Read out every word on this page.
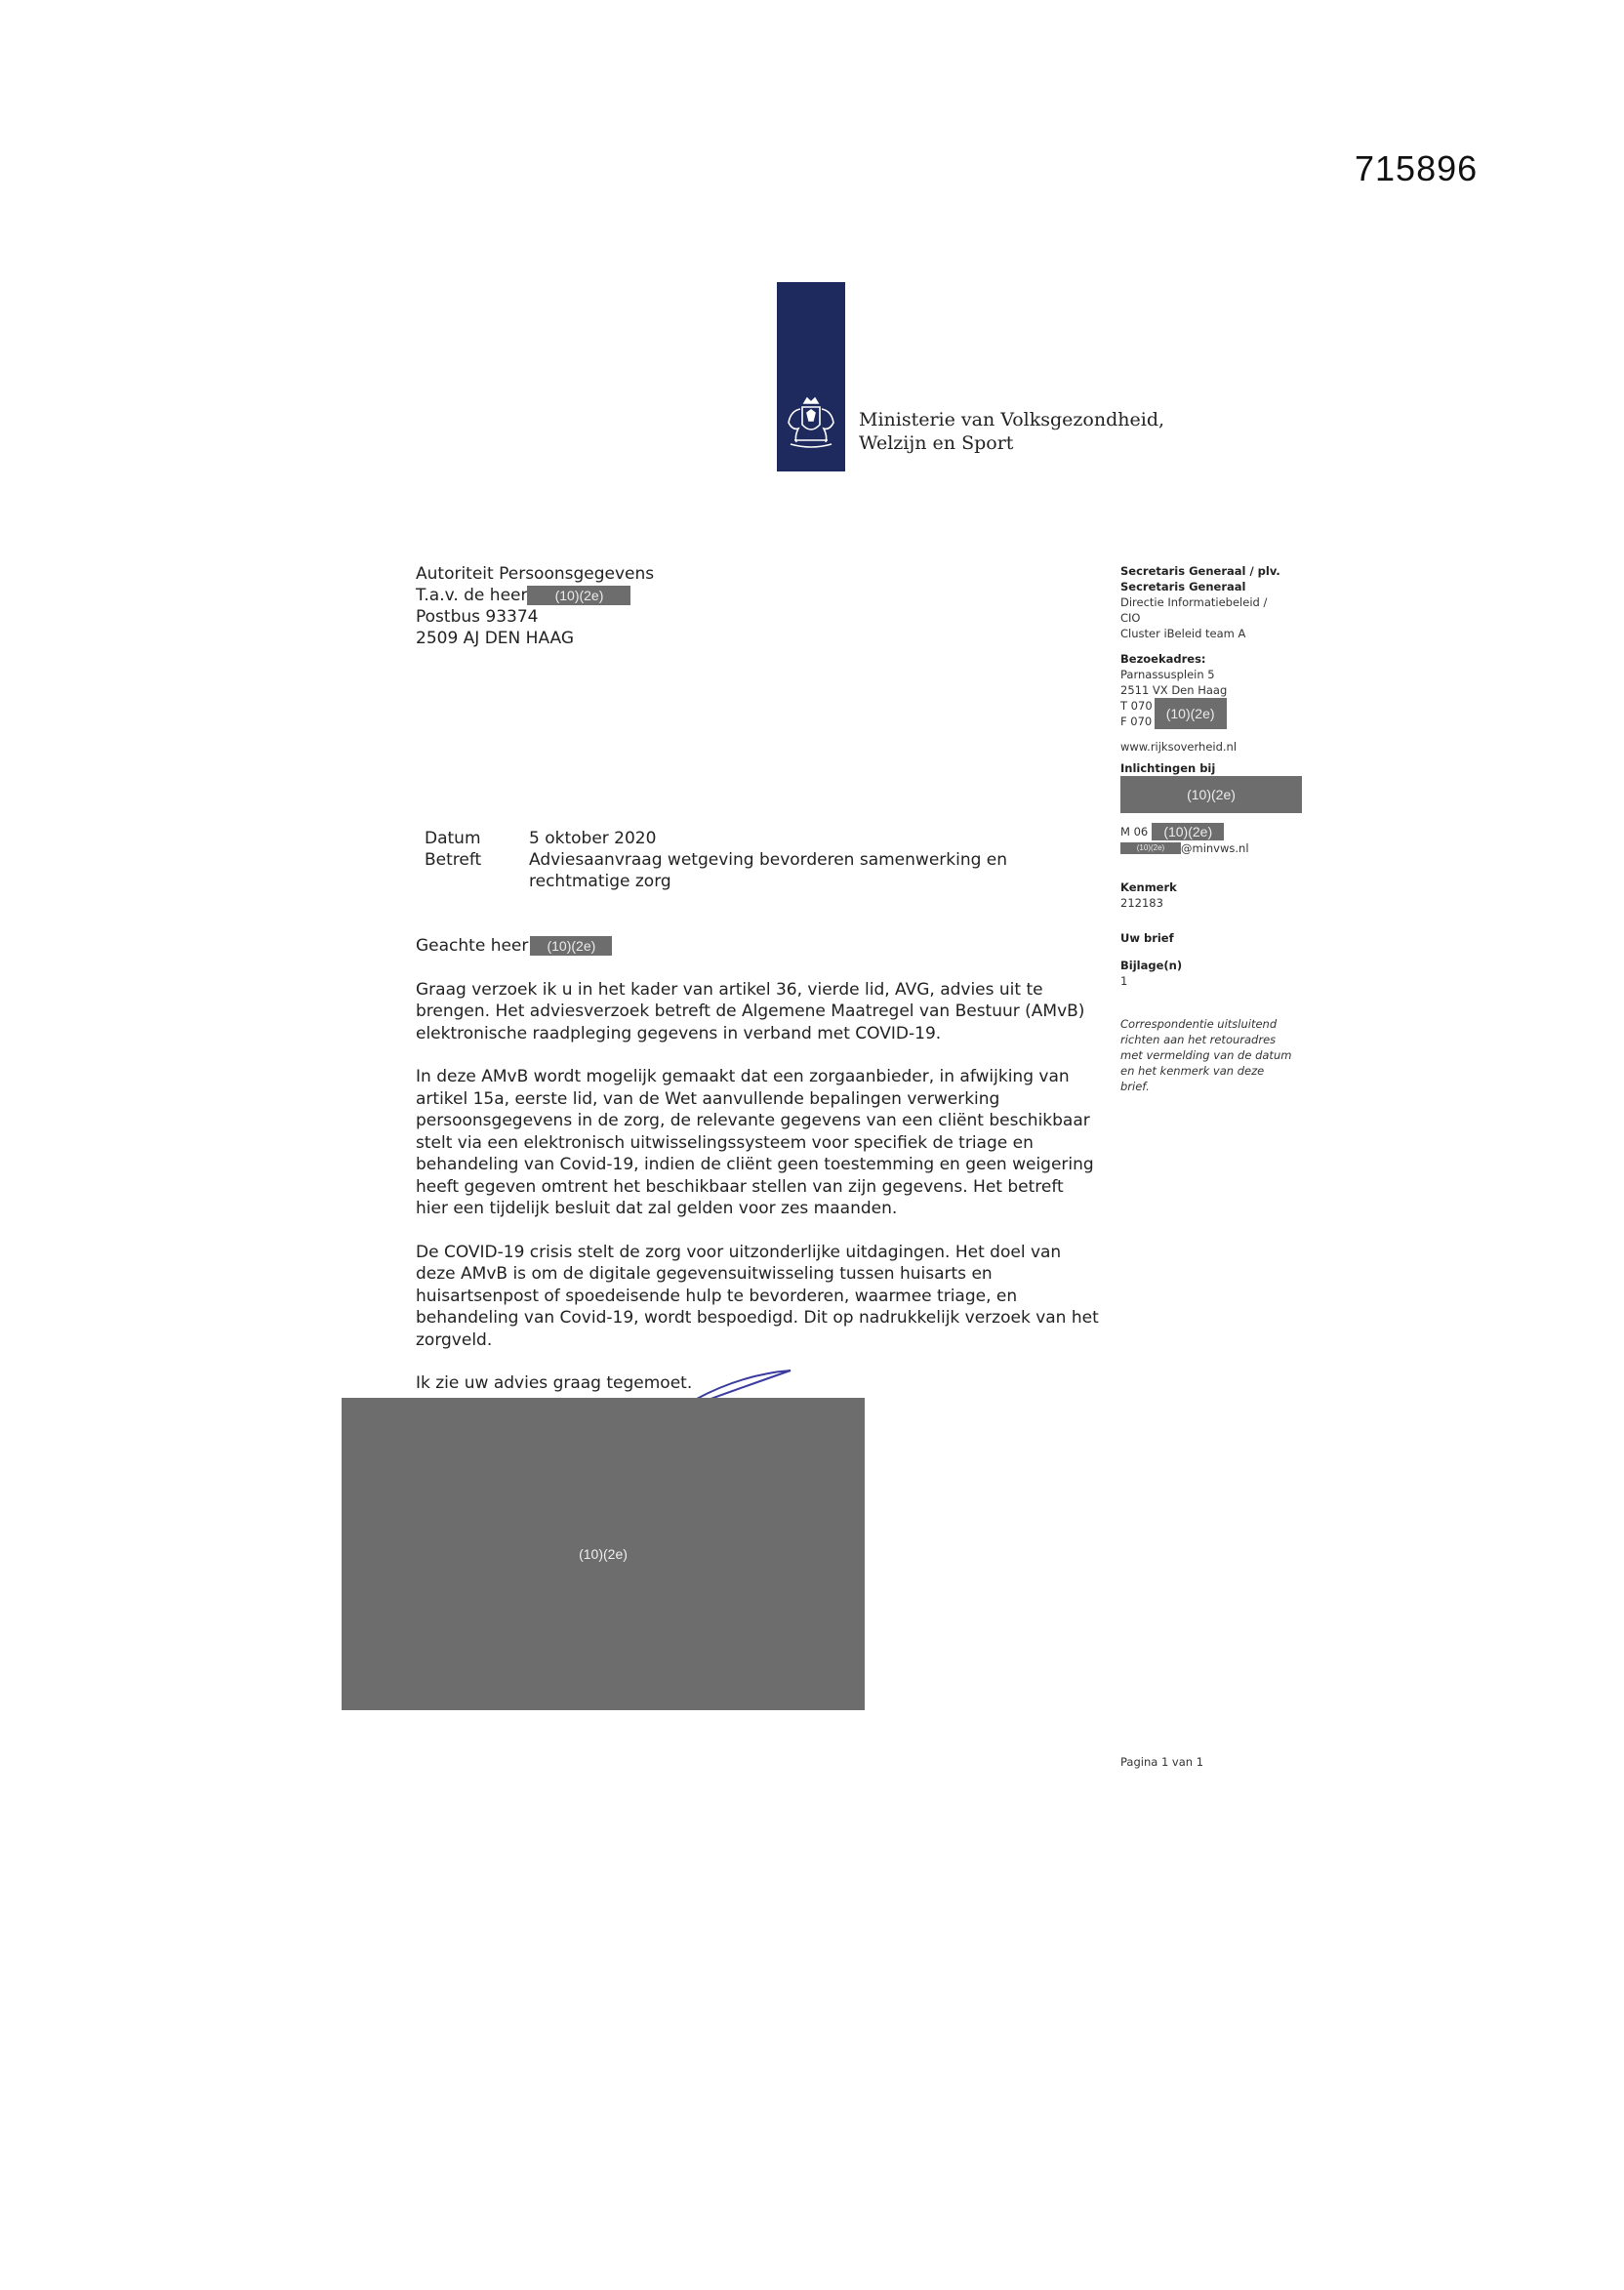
715896
Ministerie van Volksgezondheid,
Welzijn en Sport
Autoriteit Persoonsgegevens
T.a.v. de heer (10)(2e)
Postbus 93374
2509 AJ DEN HAAG
Secretaris Generaal / plv.
Secretaris Generaal
Directie Informatiebeleid /
CIO
Cluster iBeleid team A
Bezoekadres:
Parnassusplein 5
2511 VX Den Haag
T 070
F 070	(10)(2e)
www.rijksoverheid.nl
Inlichtingen bij
(10)(2e)
M 06	(10)(2e)
(10)(2e)	@minvws.nl
Kenmerk
212183
Uw brief
Bijlage(n)
1
Correspondentie uitsluitend
richten aan het retouradres
met vermelding van de datum
en het kenmerk van deze
brief.
Datum	5 oktober 2020
Betreft	Adviesaanvraag wetgeving bevorderen samenwerking en rechtmatige zorg
Geachte heer	(10)(2e)

Graag verzoek ik u in het kader van artikel 36, vierde lid, AVG, advies uit te brengen. Het adviesverzoek betreft de Algemene Maatregel van Bestuur (AMvB) elektronische raadpleging gegevens in verband met COVID-19.

In deze AMvB wordt mogelijk gemaakt dat een zorgaanbieder, in afwijking van artikel 15a, eerste lid, van de Wet aanvullende bepalingen verwerking persoonsgegevens in de zorg, de relevante gegevens van een cliënt beschikbaar stelt via een elektronisch uitwisselingssysteem voor specifiek de triage en behandeling van Covid-19, indien de cliënt geen toestemming en geen weigering heeft gegeven omtrent het beschikbaar stellen van zijn gegevens. Het betreft hier een tijdelijk besluit dat zal gelden voor zes maanden.

De COVID-19 crisis stelt de zorg voor uitzonderlijke uitdagingen. Het doel van deze AMvB is om de digitale gegevensuitwisseling tussen huisarts en huisartsenpost of spoedeisende hulp te bevorderen, waarmee triage, en behandeling van Covid-19, wordt bespoedigd. Dit op nadrukkelijk verzoek van het zorgveld.

Ik zie uw advies graag tegemoet.

(10)(2e)
Pagina 1 van 1
